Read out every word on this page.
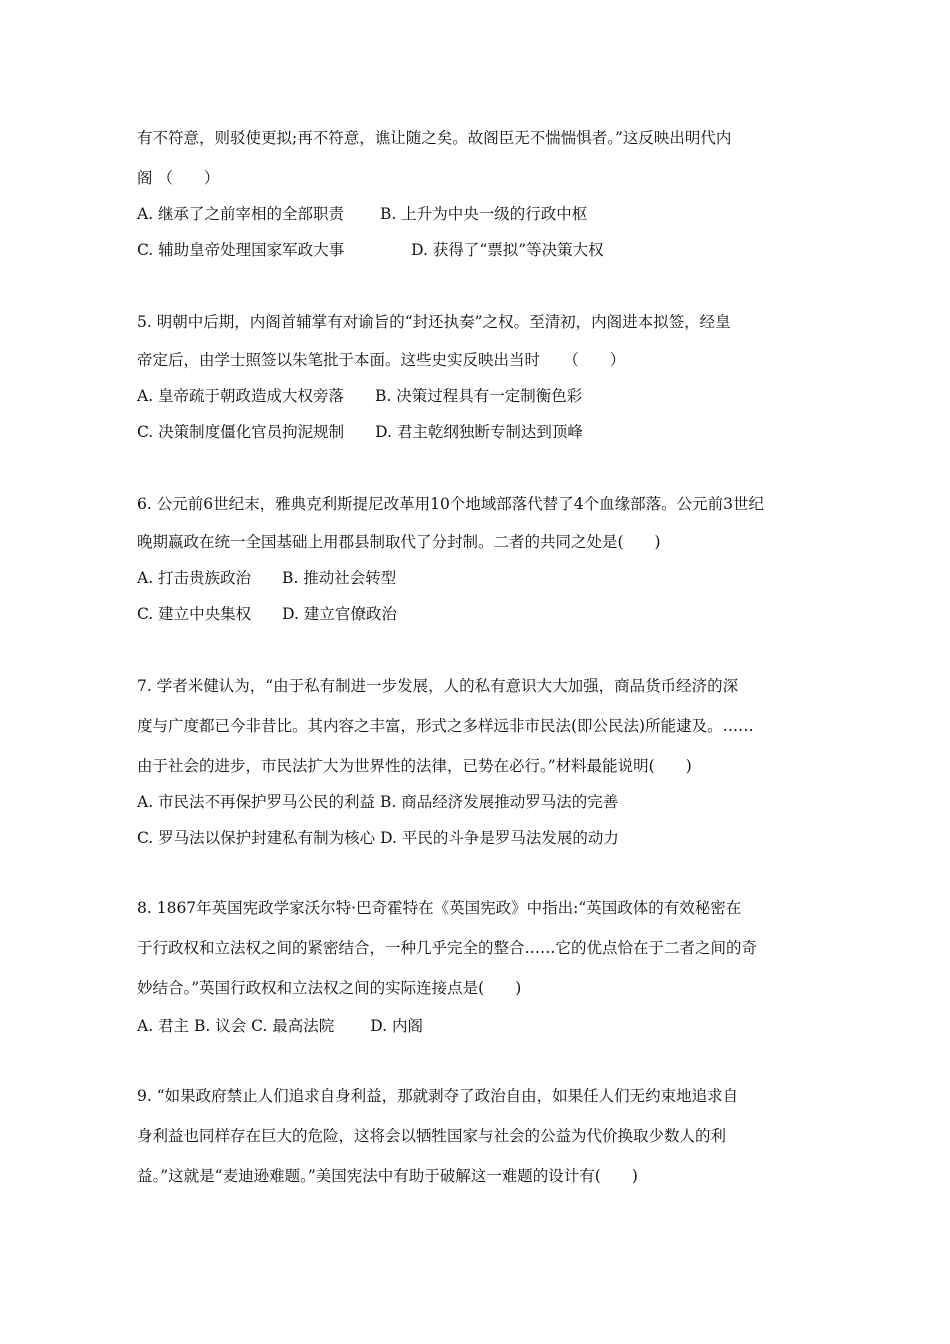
有不符意，则驳使更拟;再不符意，谯让随之矣。故阁臣无不惴惴惧者。”这反映出明代内
阁 （　　）
A. 继承了之前宰相的全部职责　　 B. 上升为中央一级的行政中枢
C. 辅助皇帝处理国家军政大事　　　　 D. 获得了“票拟”等决策大权
5. 明朝中后期，内阁首辅掌有对谕旨的“封还执奏”之权。至清初，内阁进本拟签，经皇
帝定后，由学士照签以朱笔批于本面。这些史实反映出当时　　（　　）
A. 皇帝疏于朝政造成大权旁落　　B. 决策过程具有一定制衡色彩
C. 决策制度僵化官员拘泥规制　　D. 君主乾纲独断专制达到顶峰
6. 公元前6世纪末，雅典克利斯提尼改革用10个地域部落代替了4个血缘部落。公元前3世纪
晚期嬴政在统一全国基础上用郡县制取代了分封制。二者的共同之处是(　　)
A. 打击贵族政治　　B. 推动社会转型
C. 建立中央集权　　D. 建立官僚政治
7. 学者米健认为，“由于私有制进一步发展，人的私有意识大大加强，商品货币经济的深
度与广度都已今非昔比。其内容之丰富，形式之多样远非市民法(即公民法)所能逮及。……
由于社会的进步，市民法扩大为世界性的法律，已势在必行。”材料最能说明(　　)
A. 市民法不再保护罗马公民的利益 B. 商品经济发展推动罗马法的完善
C. 罗马法以保护封建私有制为核心 D. 平民的斗争是罗马法发展的动力
8. 1867年英国宪政学家沃尔特·巴奇霍特在《英国宪政》中指出:“英国政体的有效秘密在
于行政权和立法权之间的紧密结合，一种几乎完全的整合……它的优点恰在于二者之间的奇
妙结合。”英国行政权和立法权之间的实际连接点是(　　)
A. 君主 B. 议会 C. 最高法院　　 D. 内阁
9. “如果政府禁止人们追求自身利益，那就剥夺了政治自由，如果任人们无约束地追求自
身利益也同样存在巨大的危险，这将会以牺牲国家与社会的公益为代价换取少数人的利
益。”这就是“麦迪逊难题。”美国宪法中有助于破解这一难题的设计有(　　)
